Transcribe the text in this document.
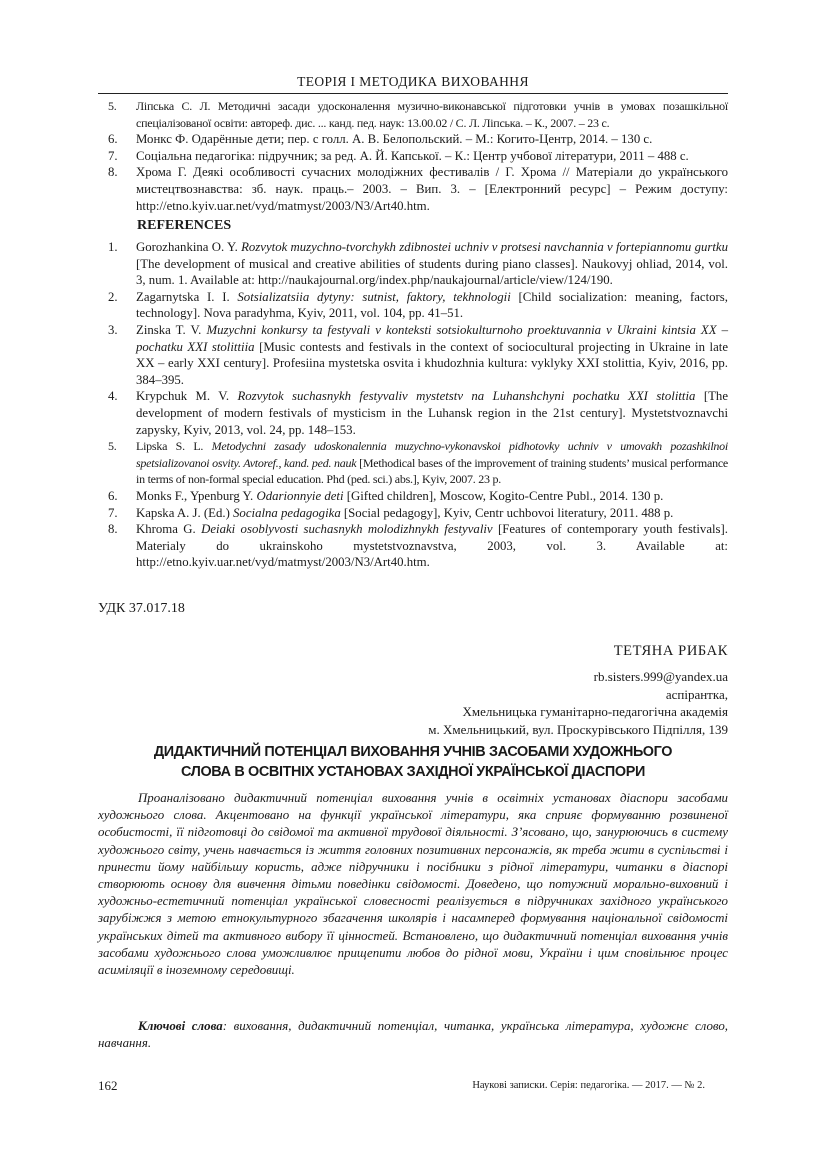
ТЕОРІЯ І МЕТОДИКА ВИХОВАННЯ
5. Ліпська С. Л. Методичні засади удосконалення музично-виконавської підготовки учнів в умовах позашкільної спеціалізованої освіти: автореф. дис. ... канд. пед. наук: 13.00.02 / С. Л. Ліпська. – К., 2007. – 23 с.
6. Монкс Ф. Одарённые дети; пер. с голл. А. В. Белопольский. – М.: Когито-Центр, 2014. – 130 с.
7. Соціальна педагогіка: підручник; за ред. А. Й. Капської. – К.: Центр учбової літератури, 2011 – 488 с.
8. Хрома Г. Деякі особливості сучасних молодіжних фестивалів / Г. Хрома // Матеріали до українського мистецтвознавства: зб. наук. праць.– 2003. – Вип. 3. – [Електронний ресурс] – Режим доступу: http://etno.kyiv.uar.net/vyd/matmyst/2003/N3/Art40.htm.
REFERENCES
1. Gorozhankina O. Y. Rozvytok muzychno-tvorchykh zdibnostei uchniv v protsesi navchannia v fortepiannomu gurtku [The development of musical and creative abilities of students during piano classes]. Naukovyj ohliad, 2014, vol. 3, num. 1. Available at: http://naukajournal.org/index.php/naukajournal/article/view/124/190.
2. Zagarnytska I. I. Sotsializatsiia dytyny: sutnist, faktory, tekhnologii [Child socialization: meaning, factors, technology]. Nova paradyhma, Kyiv, 2011, vol. 104, pp. 41–51.
3. Zinska T. V. Muzychni konkursy ta festyvali v konteksti sotsiokulturnoho proektuvannia v Ukraini kintsia XX – pochatku XXI stolittiia [Music contests and festivals in the context of sociocultural projecting in Ukraine in late XX – early XXI century]. Profesiina mystetska osvita i khudozhnia kultura: vyklyky XXI stolittia, Kyiv, 2016, pp. 384–395.
4. Krypchuk M. V. Rozvytok suchasnykh festyvaliv mystetstv na Luhanshchyni pochatku XXI stolittia [The development of modern festivals of mysticism in the Luhansk region in the 21st century]. Mystetstvoznavchi zapysky, Kyiv, 2013, vol. 24, pp. 148–153.
5. Lipska S. L. Metodychni zasady udoskonalennia muzychno-vykonavskoi pidhotovky uchniv v umovakh pozashkilnoi spetsializovanoi osvity. Avtoref., kand. ped. nauk [Methodical bases of the improvement of training students’ musical performance in terms of non-formal special education. Phd (ped. sci.) abs.], Kyiv, 2007. 23 p.
6. Monks F., Ypenburg Y. Odarionnyie deti [Gifted children], Moscow, Kogito-Centre Publ., 2014. 130 p.
7. Kapska A. J. (Ed.) Socialna pedagogika [Social pedagogy], Kyiv, Centr uchbovoi literatury, 2011. 488 p.
8. Khroma G. Deiaki osoblyvosti suchasnykh molodizhnykh festyvaliv [Features of contemporary youth festivals]. Materialy do ukrainskoho mystetstvoznavstva, 2003, vol. 3. Available at: http://etno.kyiv.uar.net/vyd/matmyst/2003/N3/Art40.htm.
УДК 37.017.18
ТЕТЯНА РИБАК
rb.sisters.999@yandex.ua
аспірантка,
Хмельницька гуманітарно-педагогічна академія
м. Хмельницький, вул. Проскурівського Підпілля, 139
ДИДАКТИЧНИЙ ПОТЕНЦІАЛ ВИХОВАННЯ УЧНІВ ЗАСОБАМИ ХУДОЖНЬОГО
СЛОВА В ОСВІТНІХ УСТАНОВАХ ЗАХІДНОЇ УКРАЇНСЬКОЇ ДІАСПОРИ

Проаналізовано дидактичний потенціал виховання учнів в освітніх установах діаспори засобами художнього слова. Акцентовано на функції української літератури, яка сприяє формуванню розвиненої особистості, її підготовці до свідомої та активної трудової діяльності. З’ясовано, що, занурюючись в систему художнього світу, учень навчається із життя головних позитивних персонажів, як треба жити в суспільстві і принести йому найбільшу користь, адже підручники і посібники з рідної літератури, читанки в діаспорі створюють основу для вивчення дітьми поведінки свідомості. Доведено, що потужний морально-виховний і художньо-естетичний потенціал української словесності реалізується в підручниках західного українського зарубіжжя з метою етнокультурного збагачення школярів і насамперед формування національної свідомості українських дітей та активного вибору її цінностей. Встановлено, що дидактичний потенціал виховання учнів засобами художнього слова уможливлює прищепити любов до рідної мови, України і цим сповільнює процес асиміляції в іноземному середовищі.

Ключові слова: виховання, дидактичний потенціал, читанка, українська література, художнє слово, навчання.

162	Наукові записки. Серія: педагогіка. — 2017. — № 2.
